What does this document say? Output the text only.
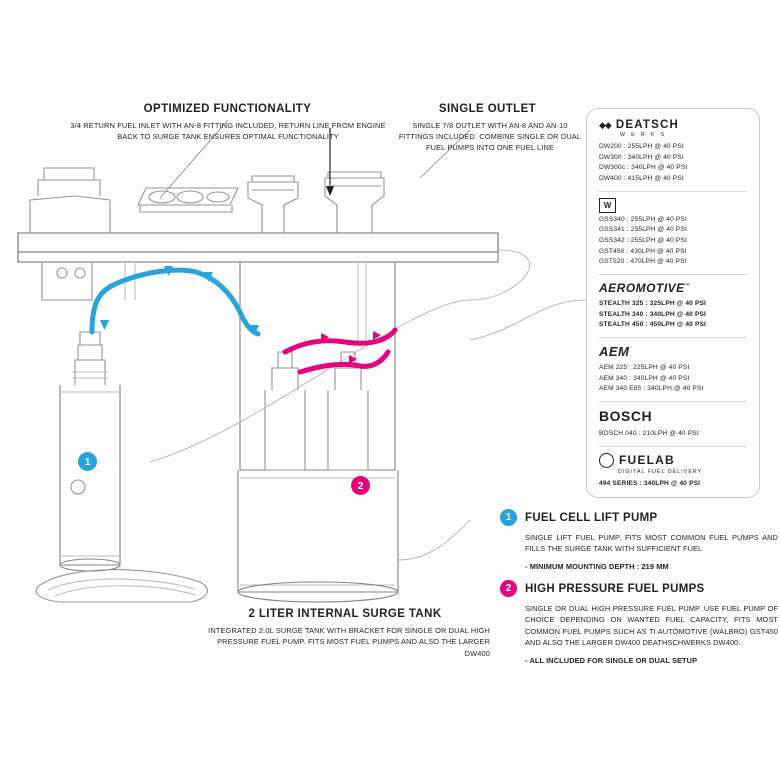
OPTIMIZED FUNCTIONALITY
3/4 RETURN FUEL INLET WITH AN-8 FITTING INCLUDED, RETURN LINE FROM ENGINE BACK TO SURGE TANK ENSURES OPTIMAL FUNCTIONALITY
SINGLE OUTLET
SINGLE 7/8 OUTLET WITH AN-8 AND AN-10 FITTINGS INCLUDED. COMBINE SINGLE OR DUAL FUEL PUMPS INTO ONE FUEL LINE
2 LITER INTERNAL SURGE TANK
INTEGRATED 2.0L SURGE TANK WITH BRACKET FOR SINGLE OR DUAL HIGH PRESSURE FUEL PUMP. FITS MOST FUEL PUMPS AND ALSO THE LARGER DW400
1
2
1	FUEL CELL LIFT PUMP
SINGLE LIFT FUEL PUMP, FITS MOST COMMON FUEL PUMPS AND FILLS THE SURGE TANK WITH SUFFICIENT FUEL
- MINIMUM MOUNTING DEPTH : 219 MM
2	HIGH PRESSURE FUEL PUMPS
SINGLE OR DUAL HIGH PRESSURE FUEL PUMP. USE FUEL PUMP OF CHOICE DEPENDING ON WANTED FUEL CAPACITY, FITS MOST COMMON FUEL PUMPS SUCH AS TI AUTOMOTIVE (WALBRO) GST450 AND ALSO THE LARGER DW400 DEATHSCHWERKS DW400.
- ALL INCLUDED FOR SINGLE OR DUAL SETUP
◆◆ DEATSCH
W E R K S
DW200 : 255LPH @ 40 PSI
DW300 : 340LPH @ 40 PSI
DW300c : 340LPH @ 40 PSI
DW400 : 415LPH @ 40 PSI
W
GSS340 : 255LPH @ 40 PSI
GSS341 : 255LPH @ 40 PSI
GSS342 : 255LPH @ 40 PSI
GST450 : 430LPH @ 40 PSI
GST520 : 470LPH @ 40 PSI
AEROMOTIVE™
STEALTH 325 : 325LPH @ 40 PSI
STEALTH 340 : 340LPH @ 40 PSI
STEALTH 450 : 450LPH @ 40 PSI
AEM
AEM 225 : 225LPH @ 40 PSI
AEM 340 : 340LPH @ 40 PSI
AEM 340 E85 : 340LPH @ 40 PSI
BOSCH
BOSCH 040 : 210LPH @ 40 PSI
FUELAB
DIGITAL FUEL DELIVERY
494 SERIES : 340LPH @ 40 PSI
